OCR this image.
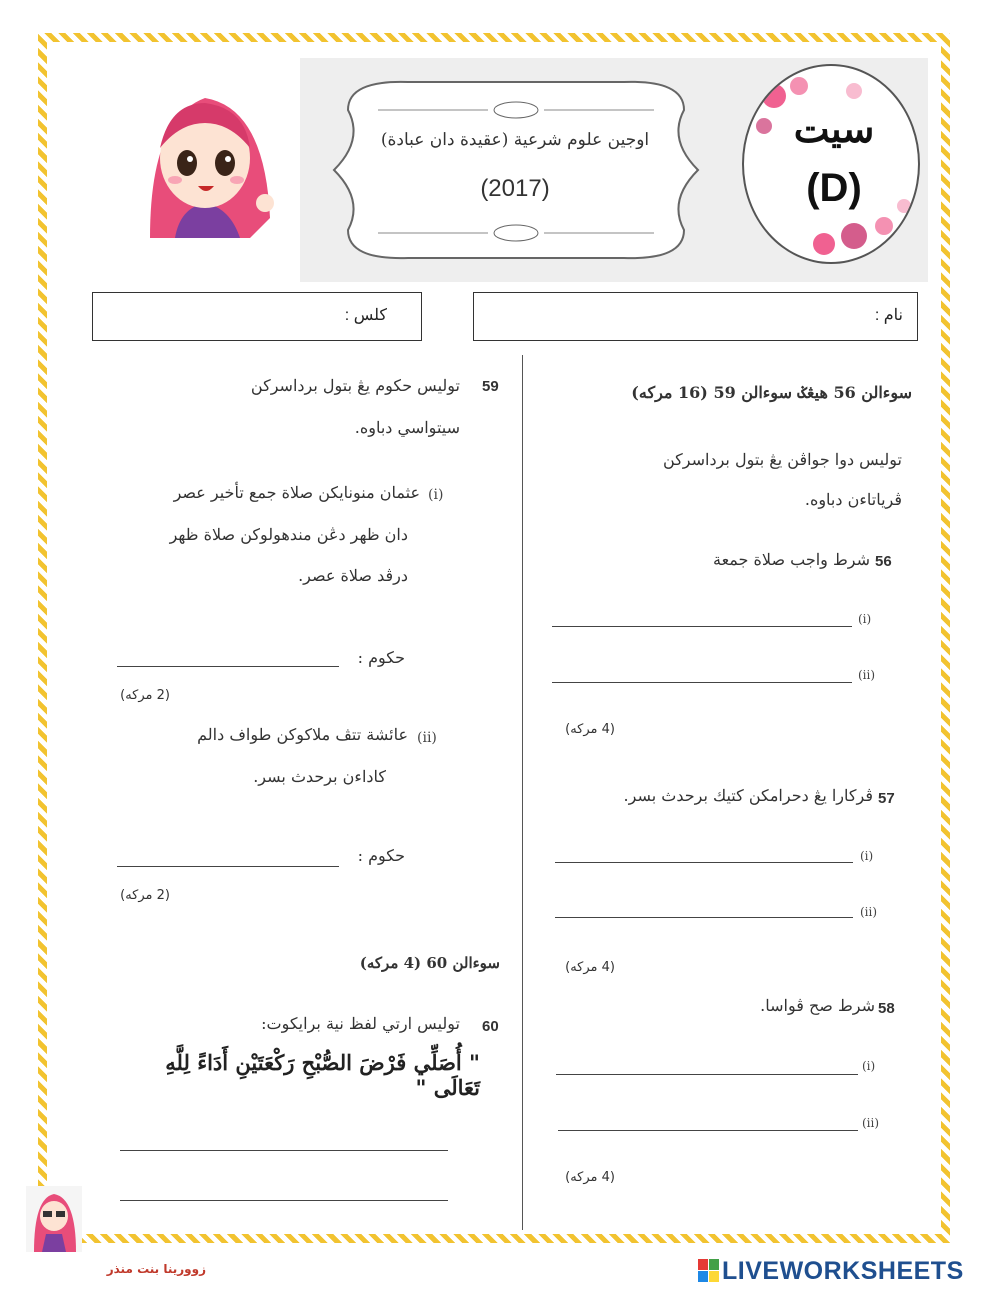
اوجين علوم شرعية (عقيدة دان عبادة)
(2017)
سيت
(D)
كلس :	نام :
سوءالن 56 هيڠݢ سوءالن 59 (16 مركه)
توليس دوا جواڤن يڠ بتول برداسركن
ڤرياتاءن دباوه.
56
شرط واجب صلاة جمعة
(i)
(ii)
(4 مركه)
57
ڤركارا يڠ دحرامكن كتيك برحدث بسر.
(i)
(ii)
(4 مركه)
58
شرط صح ڤواسا.
(i)
(ii)
(4 مركه)
59
توليس حكوم يڠ بتول برداسركن
سيتواسي دباوه.
(i)
عثمان منونايكن صلاة جمع تأخير عصر
دان ظهر دڠن مندهولوكن صلاة ظهر
درڤد صلاة عصر.
حكوم :
(2 مركه)
(ii)
عائشة تتڤ ملاكوكن طواف دالم
كاداءن برحدث بسر.
حكوم :
(2 مركه)
سوءالن 60 (4 مركه)
60
توليس ارتي لفظ نية برايكوت:
" أُصَلِّي فَرْضَ الصُّبْحِ رَكْعَتَيْنِ أَدَاءً لِلَّهِ تَعَالَى "
زوورينا بنت منذر	LIVEWORKSHEETS
